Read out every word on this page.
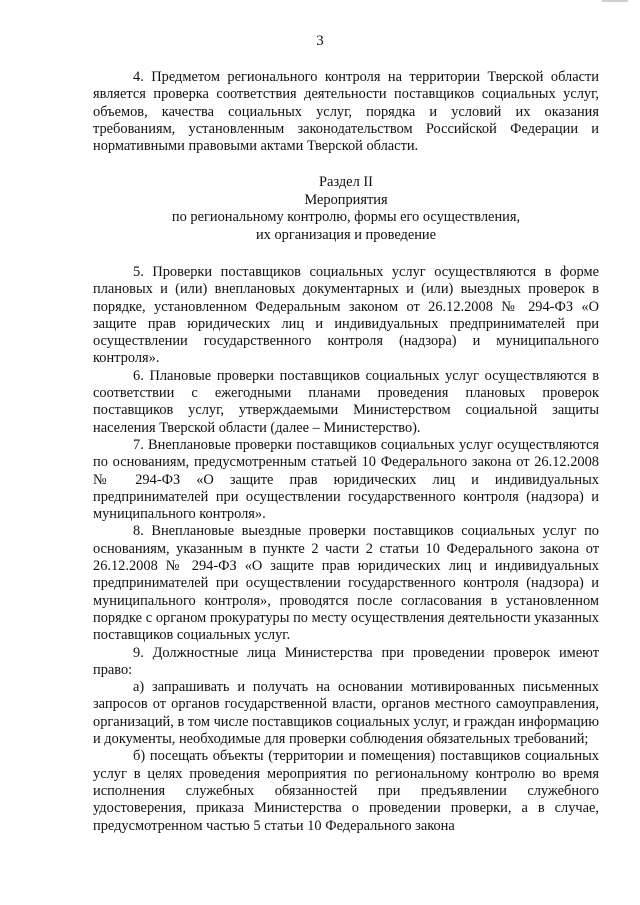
3

4. Предметом регионального контроля на территории Тверской области является проверка соответствия деятельности поставщиков социальных услуг, объемов, качества социальных услуг, порядка и условий их оказания требованиям, установленным законодательством Российской Федерации и нормативными правовыми актами Тверской области.

Раздел II
Мероприятия
по региональному контролю, формы его осуществления,
их организация и проведение

5. Проверки поставщиков социальных услуг осуществляются в форме плановых и (или) внеплановых документарных и (или) выездных проверок в порядке, установленном Федеральным законом от 26.12.2008 № 294-ФЗ «О защите прав юридических лиц и индивидуальных предпринимателей при осуществлении государственного контроля (надзора) и муниципального контроля».

6. Плановые проверки поставщиков социальных услуг осуществляются в соответствии с ежегодными планами проведения плановых проверок поставщиков услуг, утверждаемыми Министерством социальной защиты населения Тверской области (далее – Министерство).

7. Внеплановые проверки поставщиков социальных услуг осуществляются по основаниям, предусмотренным статьей 10 Федерального закона от 26.12.2008 № 294-ФЗ «О защите прав юридических лиц и индивидуальных предпринимателей при осуществлении государственного контроля (надзора) и муниципального контроля».

8. Внеплановые выездные проверки поставщиков социальных услуг по основаниям, указанным в пункте 2 части 2 статьи 10 Федерального закона от 26.12.2008 № 294-ФЗ «О защите прав юридических лиц и индивидуальных предпринимателей при осуществлении государственного контроля (надзора) и муниципального контроля», проводятся после согласования в установленном порядке с органом прокуратуры по месту осуществления деятельности указанных поставщиков социальных услуг.

9. Должностные лица Министерства при проведении проверок имеют право:

а) запрашивать и получать на основании мотивированных письменных запросов от органов государственной власти, органов местного самоуправления, организаций, в том числе поставщиков социальных услуг, и граждан информацию и документы, необходимые для проверки соблюдения обязательных требований;

б) посещать объекты (территории и помещения) поставщиков социальных услуг в целях проведения мероприятия по региональному контролю во время исполнения служебных обязанностей при предъявлении служебного удостоверения, приказа Министерства о проведении проверки, а в случае, предусмотренном частью 5 статьи 10 Федерального закона
